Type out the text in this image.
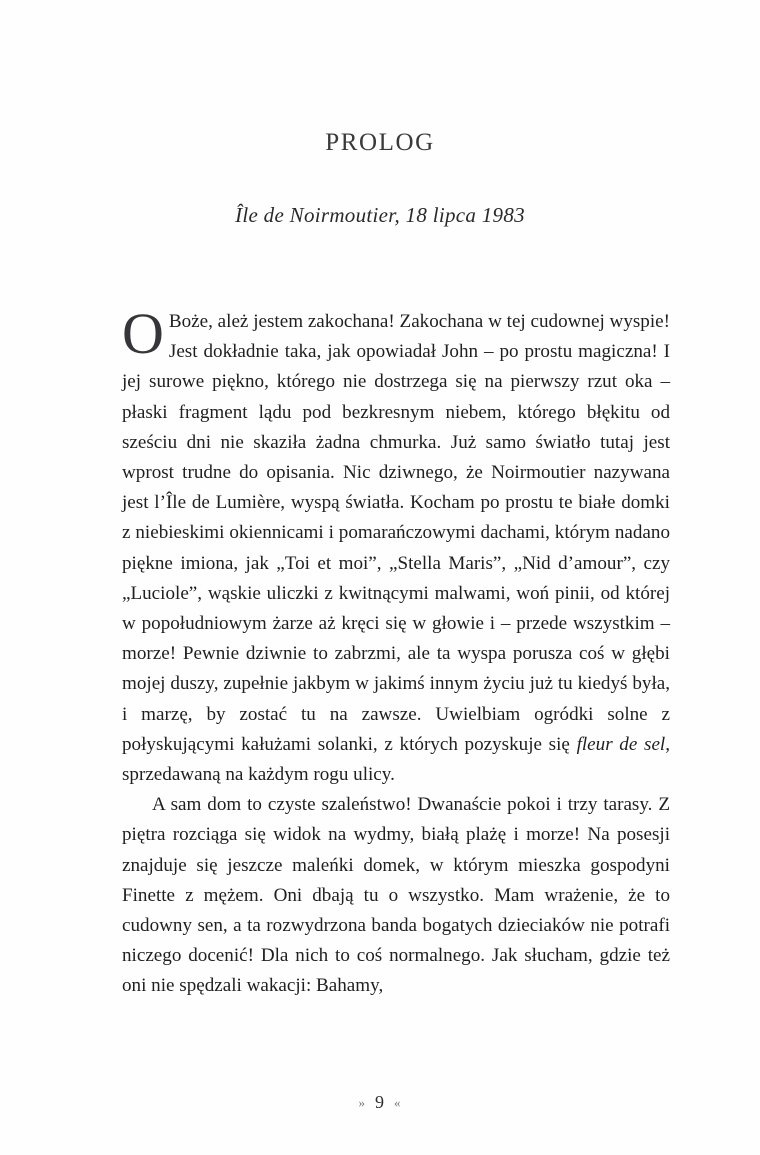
PROLOG
Île de Noirmoutier, 18 lipca 1983

O Boże, ależ jestem zakochana! Zakochana w tej cudownej wyspie! Jest dokładnie taka, jak opowiadał John – po prostu magiczna! I jej surowe piękno, którego nie dostrzega się na pierwszy rzut oka – płaski fragment lądu pod bezkresnym niebem, którego błękitu od sześciu dni nie skaziła żadna chmurka. Już samo światło tutaj jest wprost trudne do opisania. Nic dziwnego, że Noirmoutier nazywana jest l’Île de Lumière, wyspą światła. Kocham po prostu te białe domki z niebieskimi okiennicami i pomarańczowymi dachami, którym nadano piękne imiona, jak „Toi et moi”, „Stella Maris”, „Nid d’amour”, czy „Luciole”, wąskie uliczki z kwitnącymi malwami, woń pinii, od której w popołudniowym żarze aż kręci się w głowie i – przede wszystkim – morze! Pewnie dziwnie to zabrzmi, ale ta wyspa porusza coś w głębi mojej duszy, zupełnie jakbym w jakimś innym życiu już tu kiedyś była, i marzę, by zostać tu na zawsze. Uwielbiam ogródki solne z połyskującymi kałużami solanki, z których pozyskuje się fleur de sel, sprzedawaną na każdym rogu ulicy.

A sam dom to czyste szaleństwo! Dwanaście pokoi i trzy tarasy. Z piętra rozciąga się widok na wydmy, białą plażę i morze! Na posesji znajduje się jeszcze maleńki domek, w którym mieszka gospodyni Finette z mężem. Oni dbają tu o wszystko. Mam wrażenie, że to cudowny sen, a ta rozwydrzona banda bogatych dzieciaków nie potrafi niczego docenić! Dla nich to coś normalnego. Jak słucham, gdzie też oni nie spędzali wakacji: Bahamy,

» 9 «
